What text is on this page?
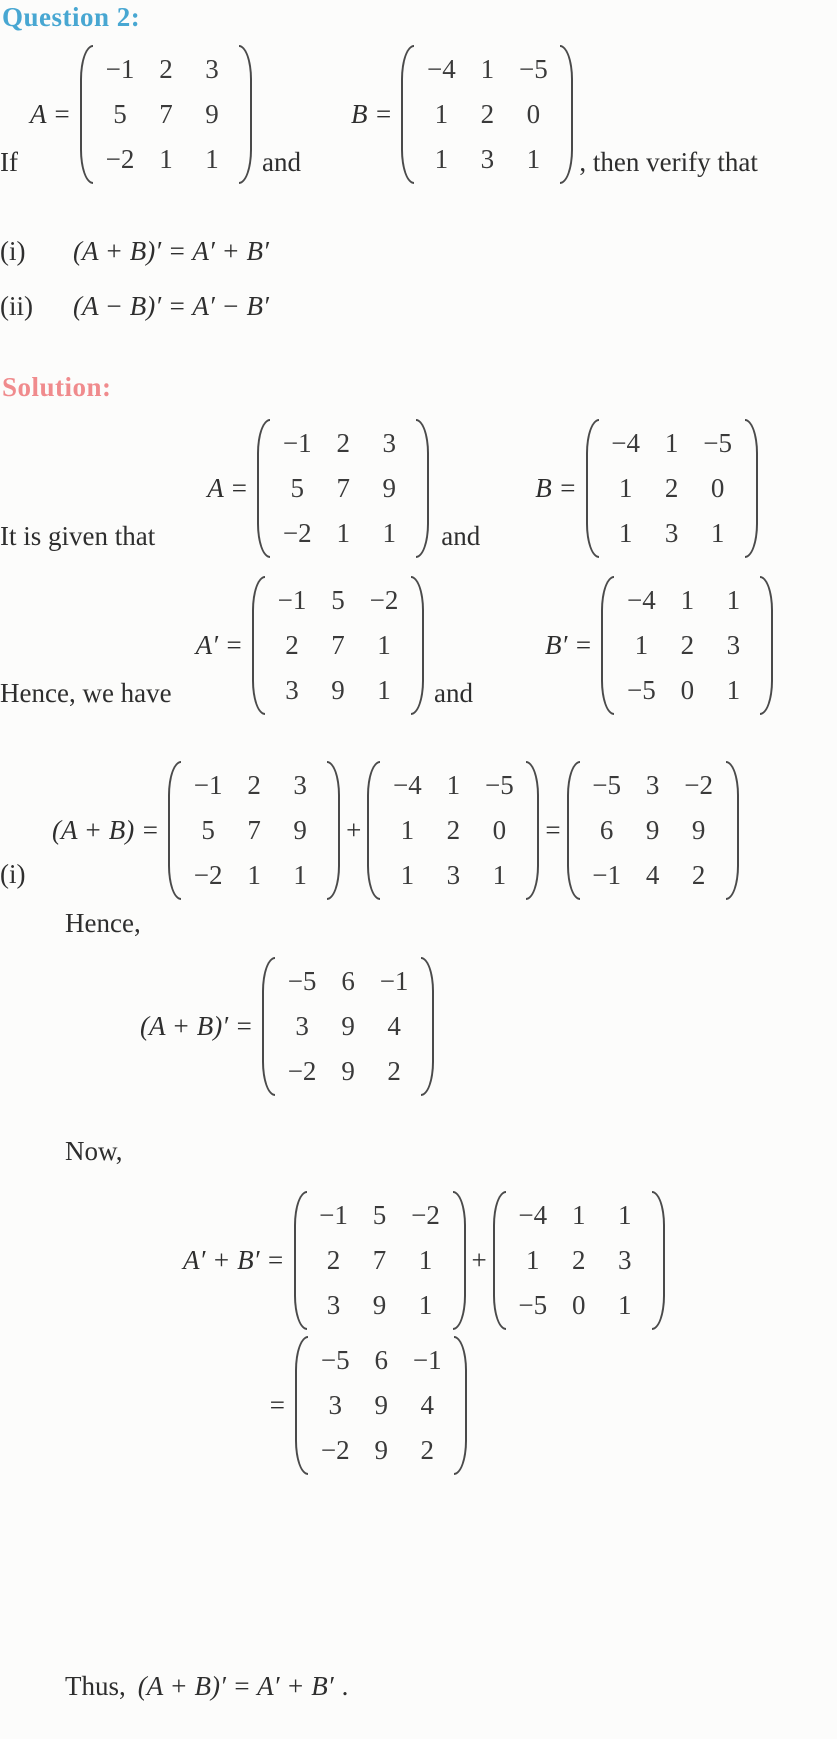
Question 2:
If
A =
−1 2 3
5 7 9
−2 1 1 and
B =
−4 1 −5
1 2 0
1 3 1 , then verify that
(i)	(A + B)′ = A′ + B′
(ii)	(A − B)′ = A′ − B′
Solution:
It is given that
A =
−1 2 3
5 7 9
−2 1 1 and
B =
−4 1 −5
1 2 0
1 3 1
Hence, we have
A′ =
−1 5 −2
2 7 1
3 9 1 and
B′ =
−4 1 1
1 2 3
−5 0 1
(i)
(A + B) =
−1 2 3
5 7 9
−2 1 1
+
−4 1 −5
1 2 0
1 3 1
=
−5 3 −2
6 9 9
−1 4 2
Hence,
(A + B)′ =
−5 6 −1
3 9 4
−2 9 2
Now,
A′ + B′ =
−1 5 −2
2 7 1
3 9 1
+
−4 1 1
1 2 3
−5 0 1
=
−5 6 −1
3 9 4
−2 9 2
Thus, (A + B)′ = A′ + B′ .
